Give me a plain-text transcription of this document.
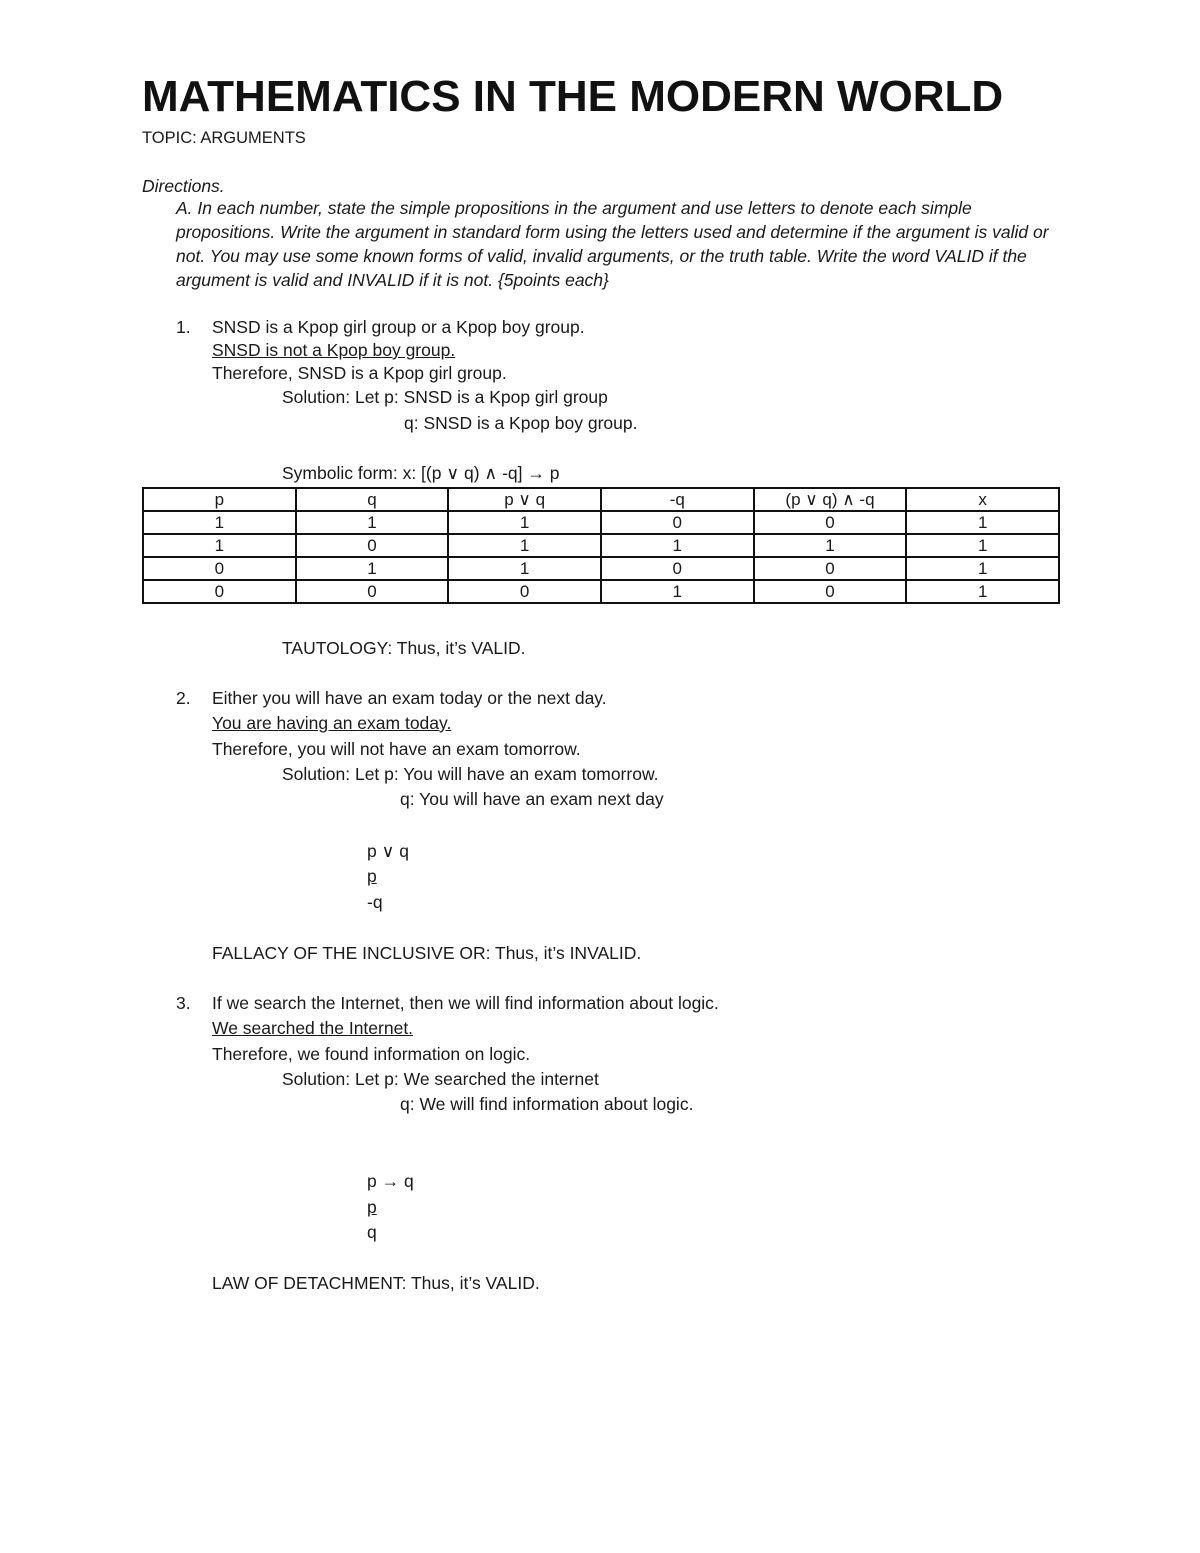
MATHEMATICS IN THE MODERN WORLD
TOPIC: ARGUMENTS
Directions.

A. In each number, state the simple propositions in the argument and use letters to denote each simple propositions. Write the argument in standard form using the letters used and determine if the argument is valid or not. You may use some known forms of valid, invalid arguments, or the truth table. Write the word VALID if the argument is valid and INVALID if it is not. {5points each}

1. SNSD is a Kpop girl group or a Kpop boy group.
SNSD is not a Kpop boy group.
Therefore, SNSD is a Kpop girl group.
Solution: Let p: SNSD is a Kpop girl group
q: SNSD is a Kpop boy group.
Symbolic form: x: [(p ∨ q) ∧ -q] → p
p	q	p ∨ q	-q	(p ∨ q) ∧ -q	x
1	1	1	0	0	1
1	0	1	1	1	1
0	1	1	0	0	1
0	0	0	1	0	1
TAUTOLOGY: Thus, it’s VALID.
2. Either you will have an exam today or the next day.
You are having an exam today.
Therefore, you will not have an exam tomorrow.
Solution: Let p: You will have an exam tomorrow.
q: You will have an exam next day
p ∨ q
p
-q
FALLACY OF THE INCLUSIVE OR: Thus, it’s INVALID.
3. If we search the Internet, then we will find information about logic.
We searched the Internet.
Therefore, we found information on logic.
Solution: Let p: We searched the internet
q: We will find information about logic.
p → q
p
q
LAW OF DETACHMENT: Thus, it’s VALID.
